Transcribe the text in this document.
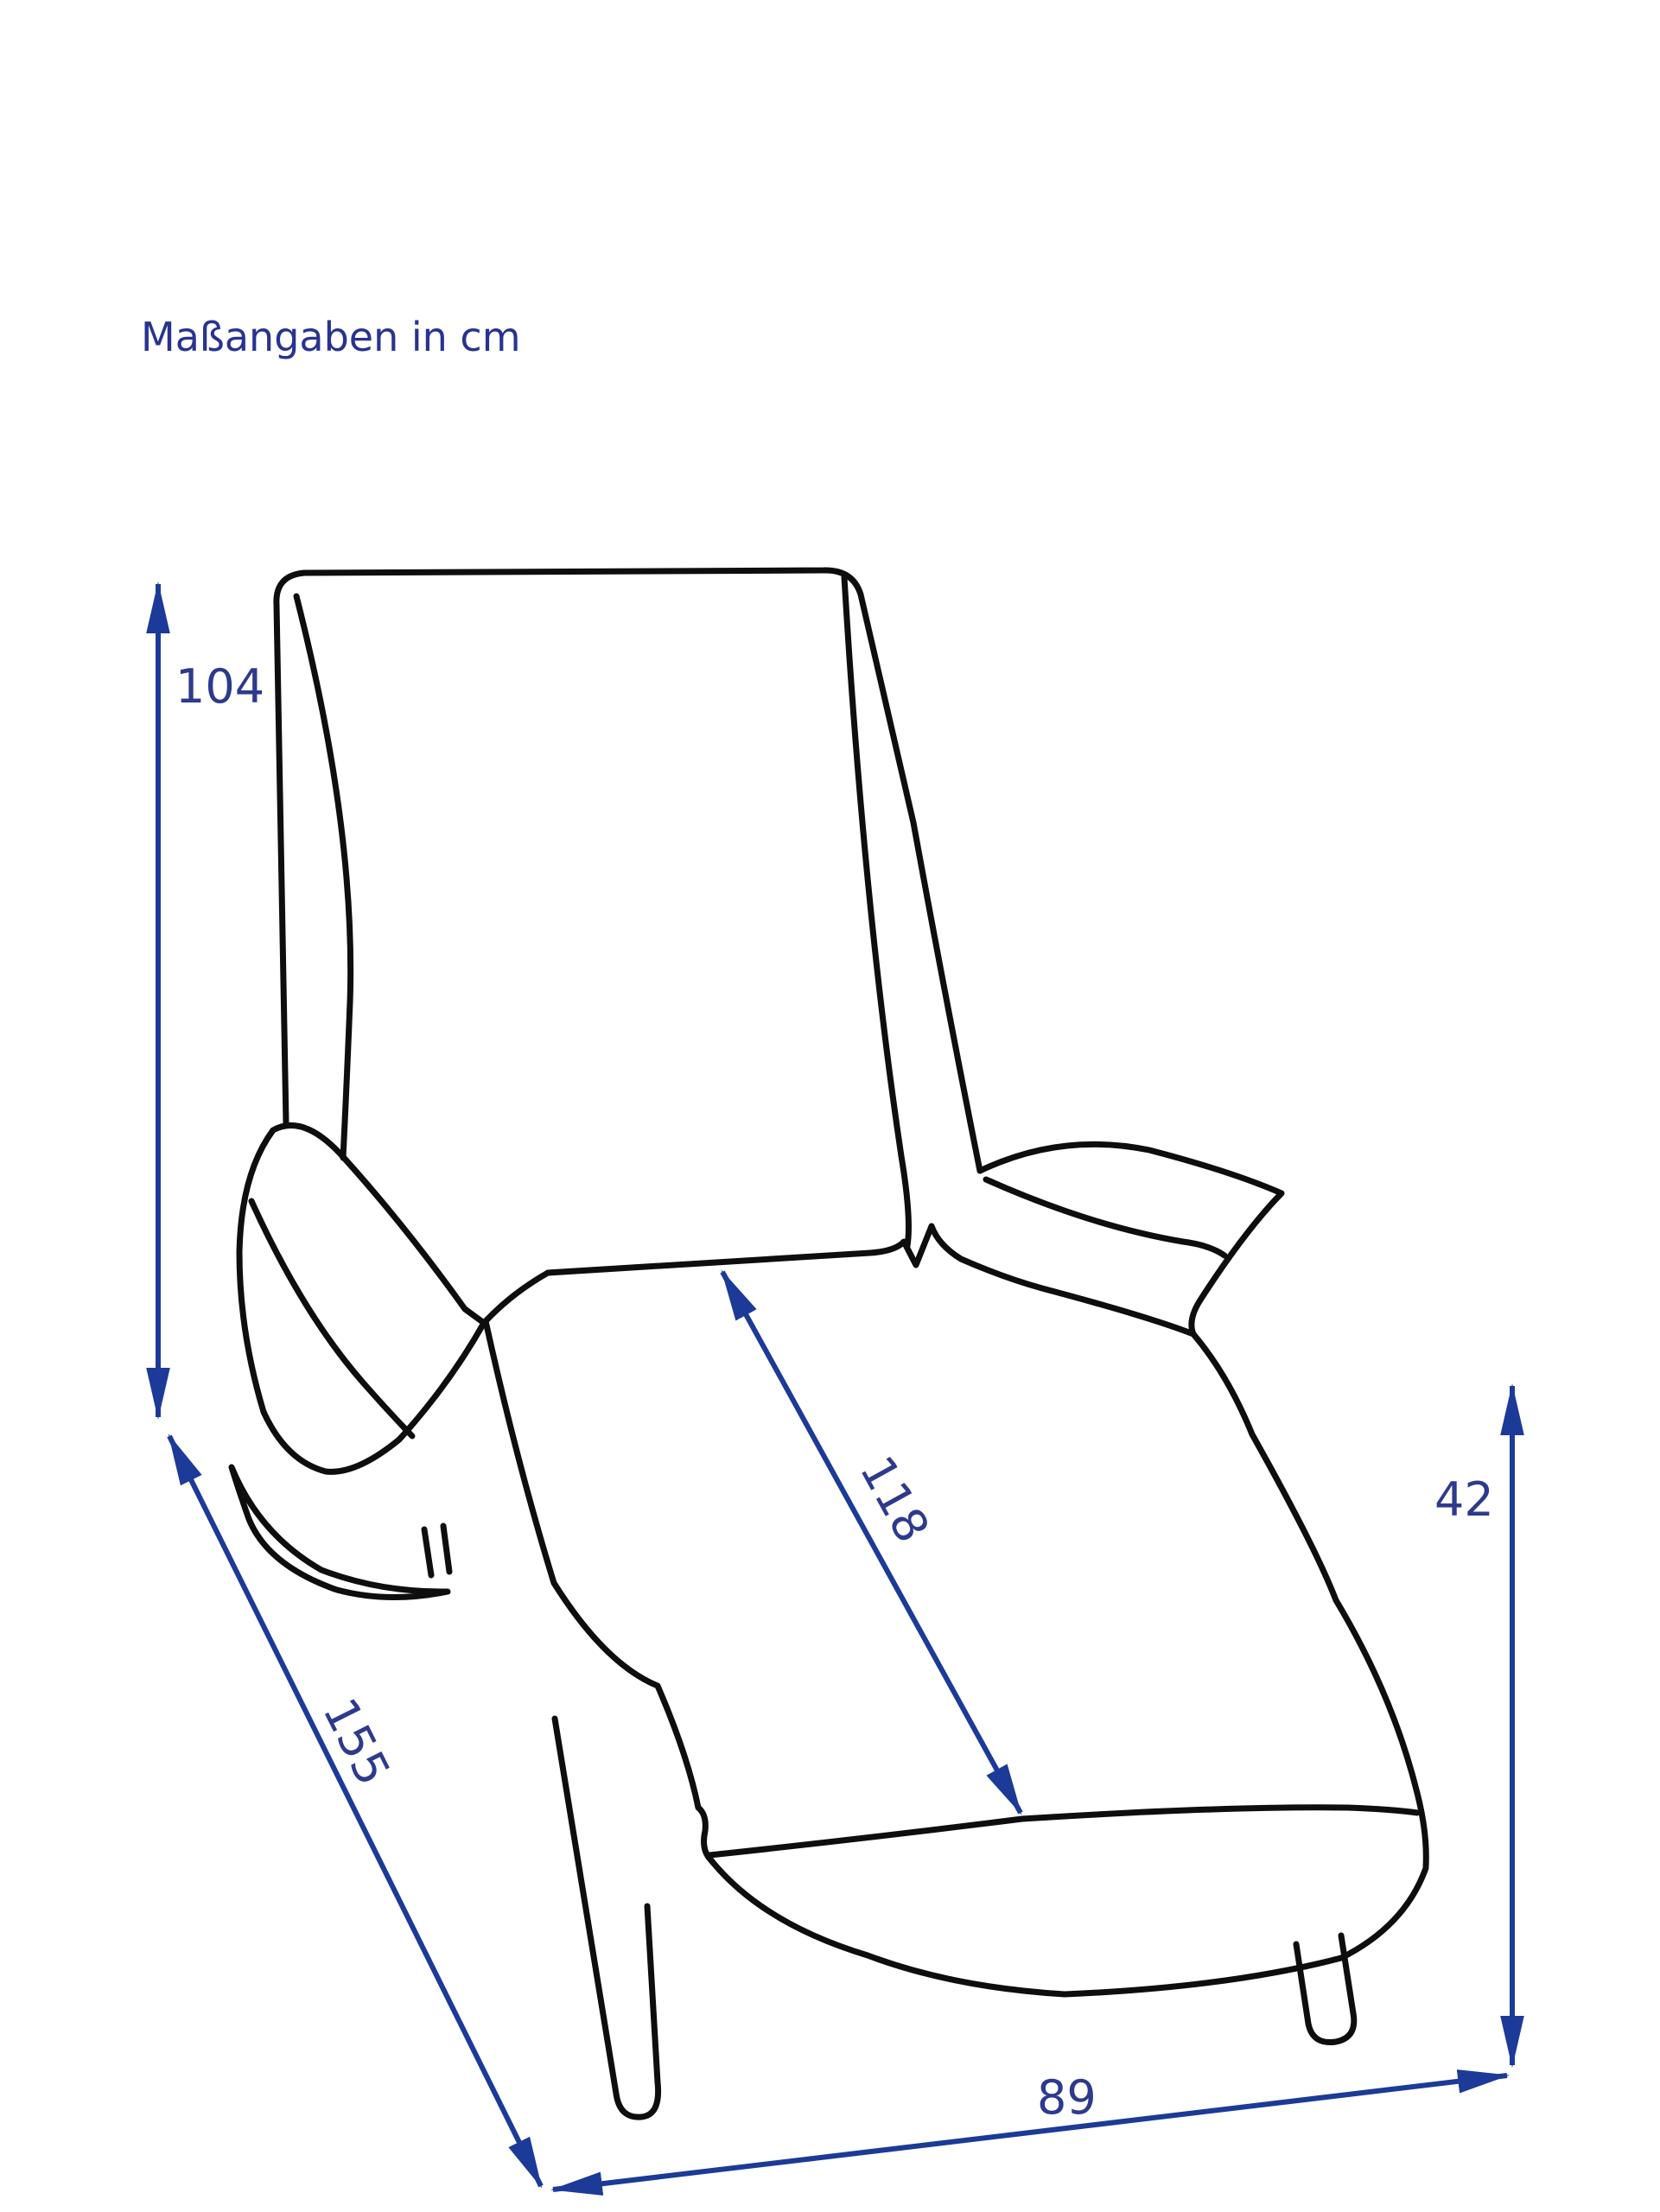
104
155
118	42
89
Maßangaben in cm
